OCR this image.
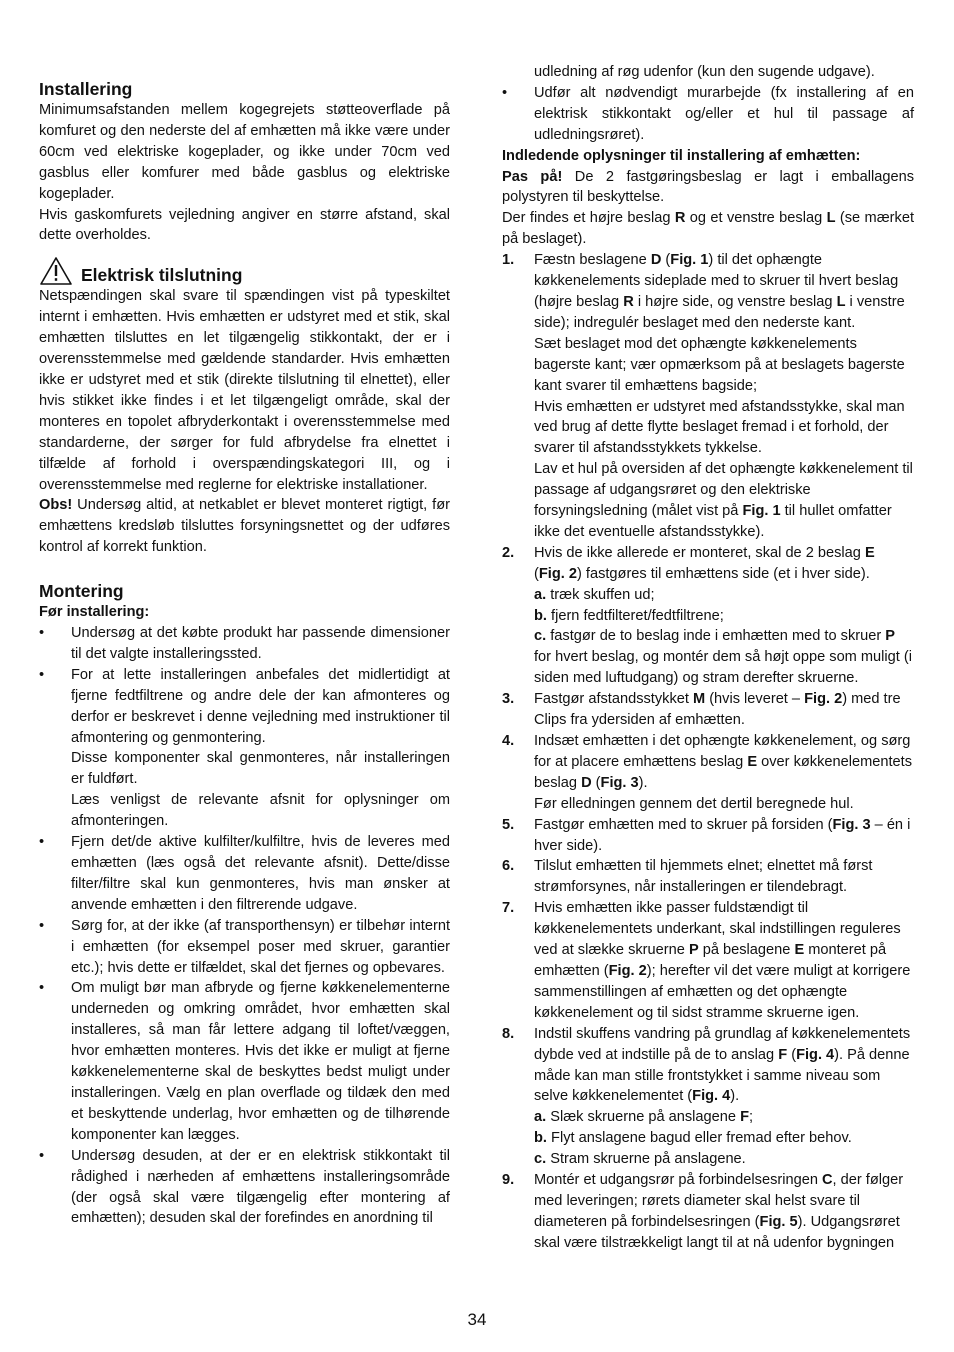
Installering

Minimumsafstanden mellem kogegrejets støtteoverflade på komfuret og den nederste del af emhætten må ikke være under 60cm ved elektriske kogeplader, og ikke under 70cm ved gasblus eller komfurer med både gasblus og elektriske kogeplader.

Hvis gaskomfurets vejledning angiver en større afstand, skal dette overholdes.

Elektrisk tilslutning

Netspændingen skal svare til spændingen vist på typeskiltet internt i emhætten. Hvis emhætten er udstyret med et stik, skal emhætten tilsluttes en let tilgængelig stikkontakt, der er i overensstemmelse med gældende standarder. Hvis emhætten ikke er udstyret med et stik (direkte tilslutning til elnettet), eller hvis stikket ikke findes i et let tilgængeligt område, skal der monteres en topolet afbryderkontakt i overensstemmelse med standarderne, der sørger for fuld afbrydelse fra elnettet i tilfælde af forhold i overspændingskategori III, og i overensstemmelse med reglerne for elektriske installationer.

Obs! Undersøg altid, at netkablet er blevet monteret rigtigt, før emhættens kredsløb tilsluttes forsyningsnettet og der udføres kontrol af korrekt funktion.

Montering
Før installering:
• Undersøg at det købte produkt har passende dimensioner til det valgte installeringssted.
• For at lette installeringen anbefales det midlertidigt at fjerne fedtfiltrene og andre dele der kan afmonteres og derfor er beskrevet i denne vejledning med instruktioner til afmontering og genmontering.
Disse komponenter skal genmonteres, når installeringen er fuldført.
Læs venligst de relevante afsnit for oplysninger om afmonteringen.
• Fjern det/de aktive kulfilter/kulfiltre, hvis de leveres med emhætten (læs også det relevante afsnit). Dette/disse filter/filtre skal kun genmonteres, hvis man ønsker at anvende emhætten i den filtrerende udgave.
• Sørg for, at der ikke (af transporthensyn) er tilbehør internt i emhætten (for eksempel poser med skruer, garantier etc.); hvis dette er tilfældet, skal det fjernes og opbevares.
• Om muligt bør man afbryde og fjerne køkkenelementerne underneden og omkring området, hvor emhætten skal installeres, så man får lettere adgang til loftet/væggen, hvor emhætten monteres. Hvis det ikke er muligt at fjerne køkkenelementerne skal de beskyttes bedst muligt under installeringen. Vælg en plan overflade og tildæk den med et beskyttende underlag, hvor emhætten og de tilhørende komponenter kan lægges.
• Undersøg desuden, at der er en elektrisk stikkontakt til rådighed i nærheden af emhættens installeringsområde (der også skal være tilgængelig efter montering af emhætten); desuden skal der forefindes en anordning til
udledning af røg udenfor (kun den sugende udgave).
• Udfør alt nødvendigt murarbejde (fx installering af en elektrisk stikkontakt og/eller et hul til passage af udledningsrøret).
Indledende oplysninger til installering af emhætten:

Pas på! De 2 fastgøringsbeslag er lagt i emballagens polystyren til beskyttelse.

Der findes et højre beslag R og et venstre beslag L (se mærket på beslaget).

1. Fæstn beslagene D (Fig. 1) til det ophængte køkkenelements sideplade med to skruer til hvert beslag (højre beslag R i højre side, og venstre beslag L i venstre side); indregulér beslaget med den nederste kant.
Sæt beslaget mod det ophængte køkkenelements bagerste kant; vær opmærksom på at beslagets bagerste kant svarer til emhættens bagside;
Hvis emhætten er udstyret med afstandsstykke, skal man ved brug af dette flytte beslaget fremad i et forhold, der svarer til afstandsstykkets tykkelse.
Lav et hul på oversiden af det ophængte køkkenelement til passage af udgangsrøret og den elektriske forsyningsledning (målet vist på Fig. 1 til hullet omfatter ikke det eventuelle afstandsstykke).
2. Hvis de ikke allerede er monteret, skal de 2 beslag E
(Fig. 2) fastgøres til emhættens side (et i hver side).
a. træk skuffen ud;
b. fjern fedtfilteret/fedtfiltrene;
c. fastgør de to beslag inde i emhætten med to skruer P for hvert beslag, og montér dem så højt oppe som muligt (i siden med luftudgang) og stram derefter skruerne.
3. Fastgør afstandsstykket M (hvis leveret – Fig. 2) med tre Clips fra ydersiden af emhætten.
4. Indsæt emhætten i det ophængte køkkenelement, og sørg for at placere emhættens beslag E over køkkenelementets beslag D (Fig. 3).
Før elledningen gennem det dertil beregnede hul.
5. Fastgør emhætten med to skruer på forsiden (Fig. 3 – én i hver side).
6. Tilslut emhætten til hjemmets elnet; elnettet må først strømforsynes, når installeringen er tilendebragt.
7. Hvis emhætten ikke passer fuldstændigt til køkkenelementets underkant, skal indstillingen reguleres ved at slække skruerne P på beslagene E monteret på emhætten (Fig. 2); herefter vil det være muligt at korrigere sammenstillingen af emhætten og det ophængte køkkenelement og til sidst stramme skruerne igen.
8. Indstil skuffens vandring på grundlag af køkkenelementets dybde ved at indstille på de to anslag F (Fig. 4). På denne måde kan man stille frontstykket i samme niveau som selve køkkenelementet (Fig. 4).
a. Slæk skruerne på anslagene F;
b. Flyt anslagene bagud eller fremad efter behov.
c. Stram skruerne på anslagene.
9. Montér et udgangsrør på forbindelsesringen C, der følger med leveringen; rørets diameter skal helst svare til diameteren på forbindelsesringen (Fig. 5). Udgangsrøret skal være tilstrækkeligt langt til at nå udenfor bygningen
34
